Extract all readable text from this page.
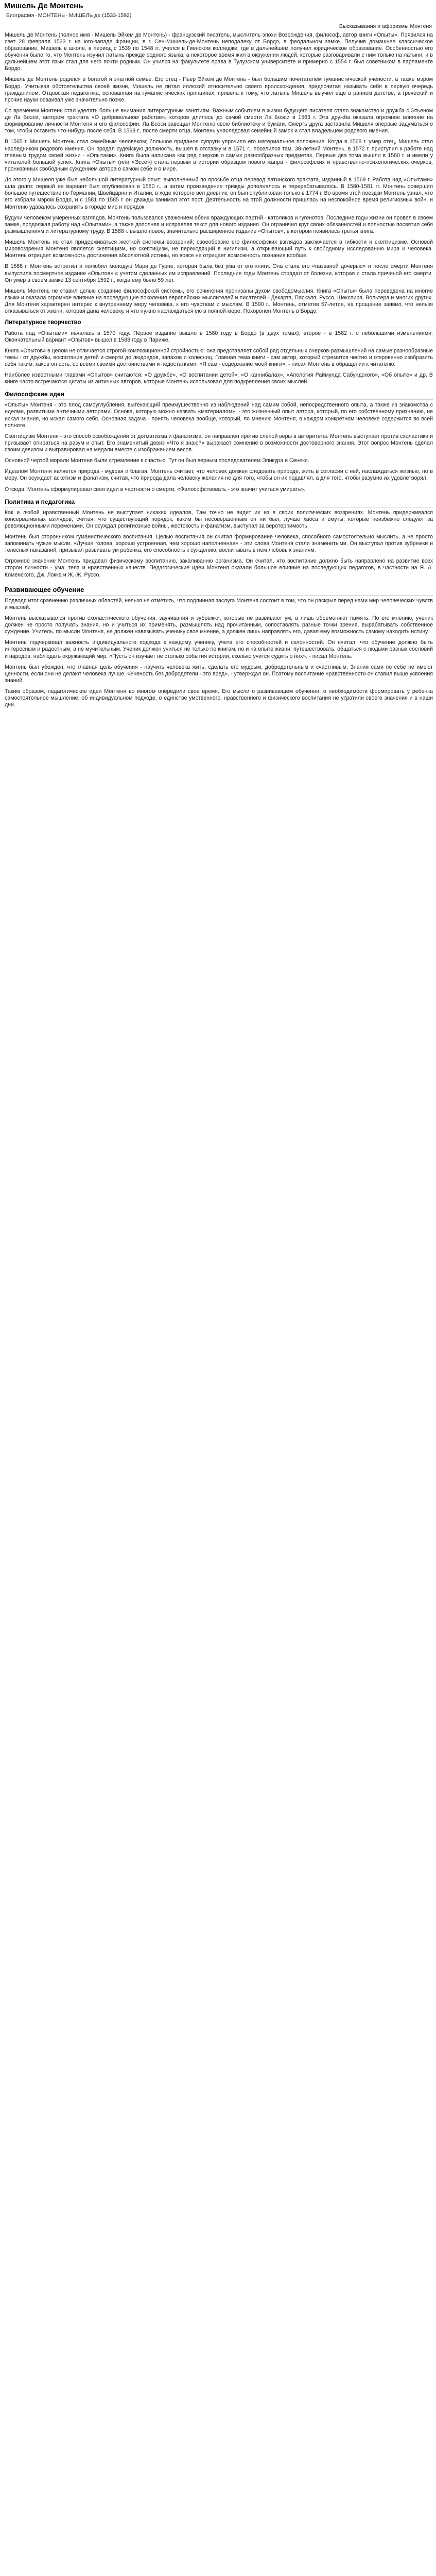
Мишель Де Монтень
Биография · МОНТЕНЬ · МИШЕЛЬ де (1533-1592)
Высказывания и афоризмы Монтеня

Мишель де Монтень (полное имя - Мишель Эйкем де Монтень) - французский писатель, мыслитель эпохи Возрождения, философ, автор книги «Опыты». Появился на свет 28 февраля 1533 г. на юго-западе Франции, в г. Сен-Мишель-де-Монтень неподалеку от Бордо, в феодальном замке. Получив домашнее классическое образование, Мишель в школе, в период с 1539 по 1548 гг. учился в Гиенском колледже, где в дальнейшем получил юридическое образование. Особенностью его обучения было то, что Монтень изучил латынь прежде родного языка, а некоторое время жил в окружении людей, которые разговаривали с ним только на латыни, и в дальнейшем этот язык стал для него почти родным. Он учился на факультете права в Тулузском университете и примерно с 1554 г. был советником в парламенте Бордо.

Мишель де Монтень родился в богатой и знатной семье. Его отец - Пьер Эйкем де Монтень - был большим почитателем гуманистической учености, а также мэром Бордо. Учитывая обстоятельства своей жизни, Мишель не питал иллюзий относительно своего происхождения, предпочитая называть себя в первую очередь гражданином. Отцовская педагогика, основанная на гуманистических принципах, привела к тому, что латынь Мишель выучил еще в раннем детстве, а греческий и прочие науки осваивал уже значительно позже.

Со временем Монтень стал уделять больше внимания литературным занятиям. Важным событием в жизни будущего писателя стало знакомство и дружба с Этьеном де Ла Боэси, автором трактата «О добровольном рабстве», которое длилось до самой смерти Ла Боэси в 1563 г. Эта дружба оказала огромное влияние на формирование личности Монтеня и его философии. Ла Боэси завещал Монтеню свою библиотеку и бумаги. Смерть друга заставила Мишеля впервые задуматься о том, чтобы оставить что-нибудь после себя. В 1568 г., после смерти отца, Монтень унаследовал семейный замок и стал владельцем родового имения.

В 1565 г. Мишель Монтень стал семейным человеком; большое приданое супруги упрочило его материальное положение. Когда в 1568 г. умер отец, Мишель стал наследником родового имения. Он продал судейскую должность, вышел в отставку и в 1571 г., поселился там. 38-летний Монтень, в 1572 г. приступил к работе над главным трудом своей жизни - «Опытами». Книга была написана как ряд очерков о самых разнообразных предметах. Первые два тома вышли в 1580 г. и имели у читателей большой успех. Книга «Опыты» (или «Эссе») стала первым в истории образцом нового жанра - философских и нравственно-психологических очерков, пронизанных свободным суждением автора о самом себе и о мире.

До этого у Мишеля уже был небольшой литературный опыт: выполненный по просьбе отца перевод латинского трактата, изданный в 1569 г. Работа над «Опытами» шла долго: первый ее вариант был опубликован в 1580 г., а затем произведение трижды дополнялось и перерабатывалось. В 1580-1581 гг. Монтень совершил большое путешествие по Германии, Швейцарии и Италии, в ходе которого вел дневник; он был опубликован только в 1774 г. Во время этой поездки Монтень узнал, что его избрали мэром Бордо, и с 1581 по 1585 г. он дважды занимал этот пост. Деятельность на этой должности пришлась на неспокойное время религиозных войн, и Монтеню удавалось сохранять в городе мир и порядок.

Будучи человеком умеренных взглядов, Монтень пользовался уважением обеих враждующих партий - католиков и гугенотов. Последние годы жизни он провел в своем замке, продолжая работу над «Опытами», а также дополняя и исправляя текст для нового издания. Он ограничил круг своих обязанностей и полностью посвятил себя размышлениям и литературному труду. В 1588 г. вышло новое, значительно расширенное издание «Опытов», в котором появилась третья книга.

Мишель Монтень не стал придерживаться жесткой системы воззрений; своеобразие его философских взглядов заключается в гибкости и скептицизме. Основой мировоззрения Монтеня является скептицизм, но скептицизм, не переходящий в нигилизм, а открывающий путь к свободному исследованию мира и человека. Монтень отрицает возможность достижения абсолютной истины, но вовсе не отрицает возможность познания вообще.

В 1588 г. Монтень встретил и полюбил молодую Мари де Гурне, которая была без ума от его книги. Она стала его «названой дочерью» и после смерти Монтеня выпустила посмертное издание «Опытов» с учетом сделанных им исправлений. Последние годы Монтень страдал от болезни, которая и стала причиной его смерти. Он умер в своем замке 13 сентября 1592 г., когда ему было 59 лет.

Мишель Монтень не ставил целью создание философской системы, его сочинения пронизаны духом свободомыслия. Книга «Опыты» была переведена на многие языки и оказала огромное влияние на последующие поколения европейских мыслителей и писателей - Декарта, Паскаля, Руссо, Шекспира, Вольтера и многих других. Для Монтеня характерен интерес к внутреннему миру человека, к его чувствам и мыслям. В 1590 г., Монтень, отметив 57-летие, на прощание заявил, что нельзя отказываться от жизни, которая дана человеку, и что нужно наслаждаться ею в полной мере. Похоронен Монтень в Бордо.

Литературное творчество

Работа над «Опытами» началась в 1570 году. Первое издание вышло в 1580 году в Бордо (в двух томах); второе - в 1582 г. с небольшими изменениями. Окончательный вариант «Опытов» вышел в 1588 году в Париже.

Книга «Опытов» в целом не отличается строгой композиционной стройностью: она представляет собой ряд отдельных очерков-размышлений на самые разнообразные темы - от дружбы, воспитания детей и смерти до людоедов, запахов и колесниц. Главная тема книги - сам автор, который стремится честно и откровенно изобразить себя таким, каков он есть, со всеми своими достоинствами и недостатками. «Я сам - содержание моей книги», - писал Монтень в обращении к читателю.

Наиболее известными главами «Опытов» считаются: «О дружбе», «О воспитании детей», «О каннибалах», «Апология Раймунда Сабундского», «Об опыте» и др. В книге часто встречаются цитаты из античных авторов, которые Монтень использовал для подкрепления своих мыслей.

Философские идеи

«Опыты» Монтеня - это плод самоуглубления, вытекающий преимущественно из наблюдений над самим собой, непосредственного опыта, а также из знакомства с идеями, развитыми античными авторами. Основа, которую можно назвать «материалом», - это жизненный опыт автора, который, по его собственному признанию, не искал знания, но искал самого себя. Основная задача - понять человека вообще, который, по мнению Монтеня, в каждом конкретном человеке содержится во всей полноте.

Скептицизм Монтеня - это способ освобождения от догматизма и фанатизма, он направлен против слепой веры в авторитеты. Монтень выступает против схоластики и призывает опираться на разум и опыт. Его знаменитый девиз «Что я знаю?» выражает сомнение в возможности достоверного знания. Этот вопрос Монтень сделал своим девизом и выгравировал на медали вместе с изображением весов.

Основной чертой морали Монтеня были стремление к счастью. Тут он был верным последователем Эпикура и Сенеки.

Идеалом Монтеня является природа - мудрая и благая. Монтень считает, что человек должен следовать природе, жить в согласии с ней, наслаждаться жизнью, но в меру. Он осуждает аскетизм и фанатизм, считая, что природа дала человеку желания не для того, чтобы он их подавлял, а для того, чтобы разумно их удовлетворял.

Отсюда, Монтень сформулировал свои идеи в частности о смерти, «Философствовать - это значит учиться умирать».

Политика и педагогика

Как и любой нравственный Монтень не выступает никаких идеалов, Там точно не видит их из в своих политических воззрениях. Монтень придерживался консервативных взглядов, считая, что существующий порядок, каким бы несовершенным он ни был, лучше хаоса и смуты, которые неизбежно следуют за революционными переменами. Он осуждал религиозные войны, жестокость и фанатизм, выступал за веротерпимость.

Монтень был сторонником гуманистического воспитания. Целью воспитания он считал формирование человека, способного самостоятельно мыслить, а не просто запоминать чужие мысли. «Лучше голова, хорошо устроенная, чем хорошо наполненная» - эти слова Монтеня стали знаменитыми. Он выступал против зубрежки и телесных наказаний, призывал развивать ум ребенка, его способность к суждению, воспитывать в нем любовь к знаниям.

Огромное значение Монтень придавал физическому воспитанию, закаливанию организма. Он считал, что воспитание должно быть направлено на развитие всех сторон личности - ума, тела и нравственных качеств. Педагогические идеи Монтеня оказали большое влияние на последующих педагогов, в частности на Я. А. Коменского, Дж. Локка и Ж.-Ж. Руссо.

Развивающее обучение

Подводя итог сравнению различных областей, нельзя не отметить, что подлинная заслуга Монтеня состоит в том, что он раскрыл перед нами мир человеческих чувств и мыслей.

Монтень высказывался против схоластического обучения, заучивания и зубрежки, которые не развивают ум, а лишь обременяют память. По его мнению, ученик должен не просто получать знания, но и учиться их применять, размышлять над прочитанным, сопоставлять разные точки зрения, вырабатывать собственное суждение. Учитель, по мысли Монтеня, не должен навязывать ученику свое мнение, а должен лишь направлять его, давая ему возможность самому находить истину.

Монтень подчеркивал важность индивидуального подхода к каждому ученику, учета его способностей и склонностей. Он считал, что обучение должно быть интересным и радостным, а не мучительным. Ученик должен учиться не только по книгам, но и на опыте жизни: путешествовать, общаться с людьми разных сословий и народов, наблюдать окружающий мир. «Пусть он изучает не столько события истории, сколько учится судить о них», - писал Монтень.

Монтень был убежден, что главная цель обучения - научить человека жить, сделать его мудрым, добродетельным и счастливым. Знания сами по себе не имеют ценности, если они не делают человека лучше. «Ученость без добродетели - это вред», - утверждал он. Поэтому воспитание нравственности он ставил выше усвоения знаний.

Таким образом, педагогические идеи Монтеня во многом опередили свое время. Его мысли о развивающем обучении, о необходимости формировать у ребенка самостоятельное мышление, об индивидуальном подходе, о единстве умственного, нравственного и физического воспитания не утратили своего значения и в наши дни.
